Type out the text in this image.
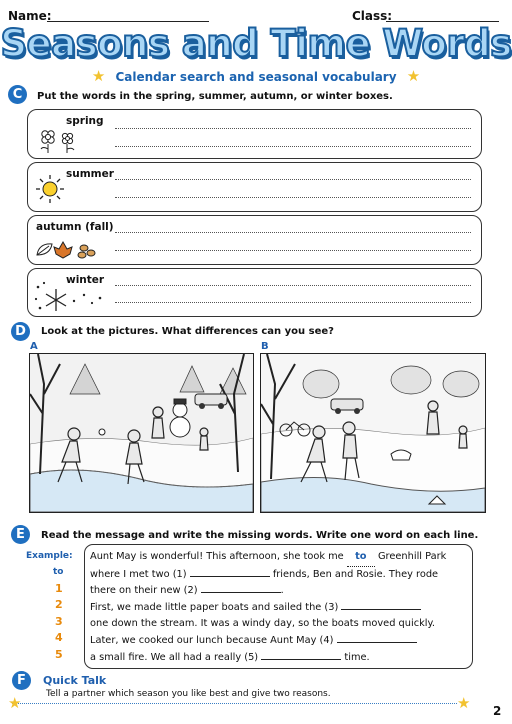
Name:	Class:
Seasons and Time Words
★ Calendar search and seasonal vocabulary ★
C	Put the words in the spring, summer, autumn, or winter boxes.
spring
summer
autumn (fall)
winter
D	Look at the pictures. What differences can you see?
A	B
E	Read the message and write the missing words. Write one word on each line.
Example:
to
1
2
3
4
5
Aunt May is wonderful! This afternoon, she took me to Greenhill Park
where I met two (1)	friends, Ben and Rosie. They rode
there on their new (2)	.
First, we made little paper boats and sailed the (3)
one down the stream. It was a windy day, so the boats moved quickly.
Later, we cooked our lunch because Aunt May (4)
a small fire. We all had a really (5)	time.
F	Quick Talk
Tell a partner which season you like best and give two reasons.
★	★ 2
